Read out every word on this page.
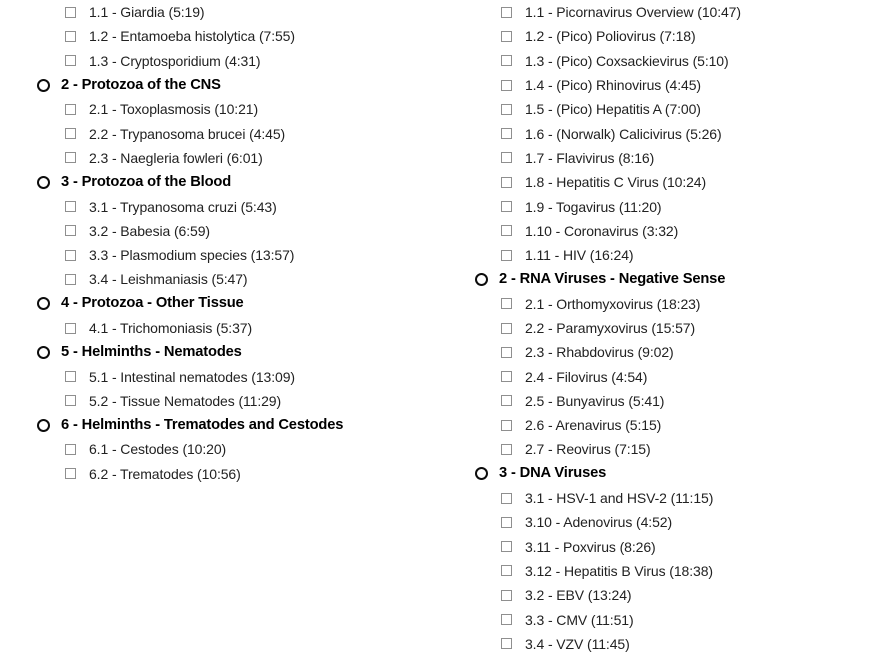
1.1 - Giardia (5:19)
1.2 - Entamoeba histolytica (7:55)
1.3 - Cryptosporidium (4:31)
2 - Protozoa of the CNS
2.1 - Toxoplasmosis (10:21)
2.2 - Trypanosoma brucei (4:45)
2.3 - Naegleria fowleri (6:01)
3 - Protozoa of the Blood
3.1 - Trypanosoma cruzi (5:43)
3.2 - Babesia (6:59)
3.3 - Plasmodium species (13:57)
3.4 - Leishmaniasis (5:47)
4 - Protozoa - Other Tissue
4.1 - Trichomoniasis (5:37)
5 - Helminths - Nematodes
5.1 - Intestinal nematodes (13:09)
5.2 - Tissue Nematodes (11:29)
6 - Helminths - Trematodes and Cestodes
6.1 - Cestodes (10:20)
6.2 - Trematodes (10:56)
1.1 - Picornavirus Overview (10:47)
1.2 - (Pico) Poliovirus (7:18)
1.3 - (Pico) Coxsackievirus (5:10)
1.4 - (Pico) Rhinovirus (4:45)
1.5 - (Pico) Hepatitis A (7:00)
1.6 - (Norwalk) Calicivirus (5:26)
1.7 - Flavivirus (8:16)
1.8 - Hepatitis C Virus (10:24)
1.9 - Togavirus (11:20)
1.10 - Coronavirus (3:32)
1.11 - HIV (16:24)
2 - RNA Viruses - Negative Sense
2.1 - Orthomyxovirus (18:23)
2.2 - Paramyxovirus (15:57)
2.3 - Rhabdovirus (9:02)
2.4 - Filovirus (4:54)
2.5 - Bunyavirus (5:41)
2.6 - Arenavirus (5:15)
2.7 - Reovirus (7:15)
3 - DNA Viruses
3.1 - HSV-1 and HSV-2 (11:15)
3.10 - Adenovirus (4:52)
3.11 - Poxvirus (8:26)
3.12 - Hepatitis B Virus (18:38)
3.2 - EBV (13:24)
3.3 - CMV (11:51)
3.4 - VZV (11:45)
